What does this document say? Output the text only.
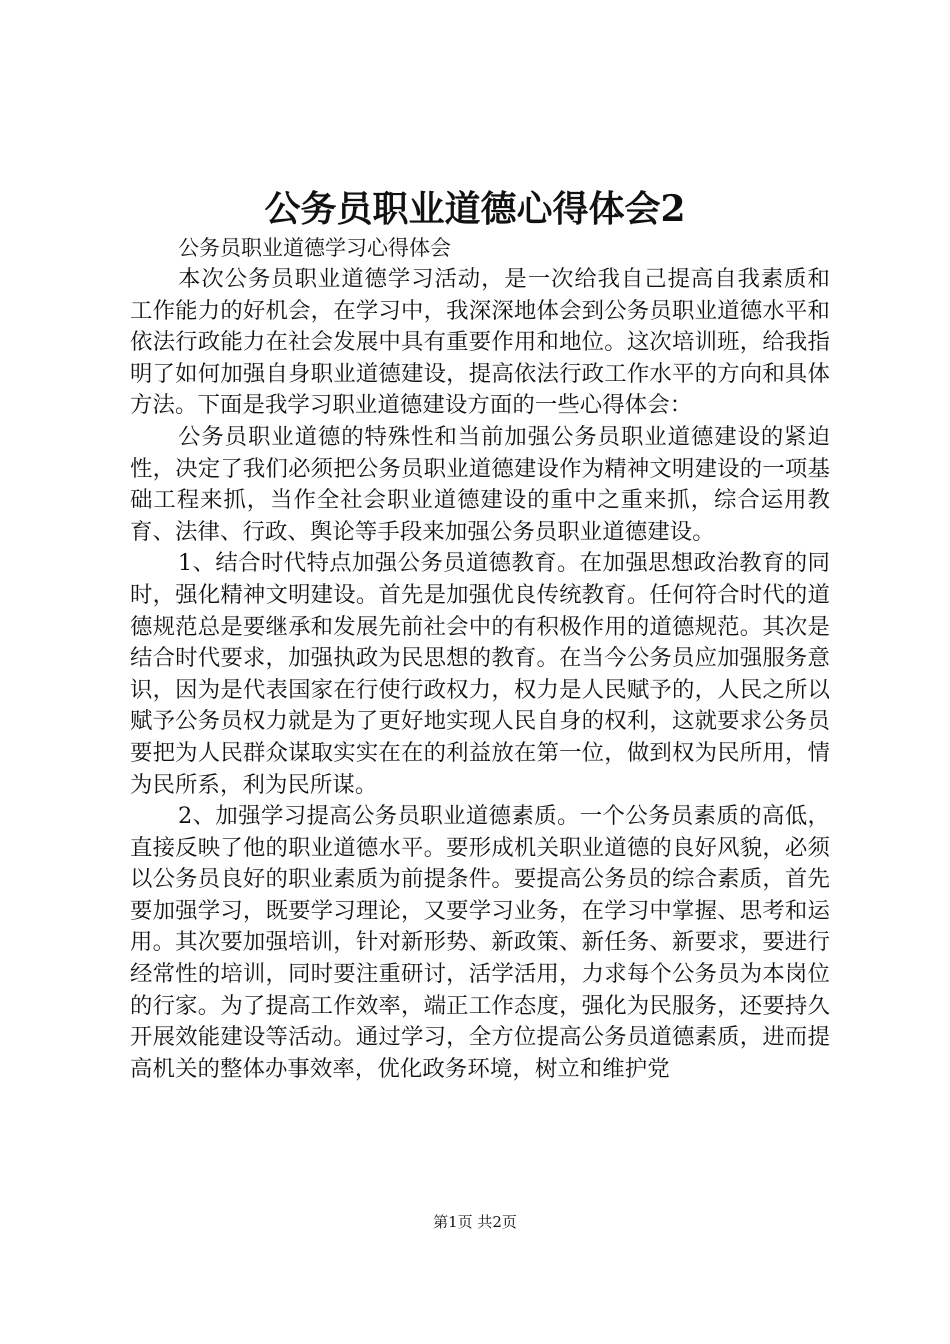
公务员职业道德心得体会2

公务员职业道德学习心得体会

本次公务员职业道德学习活动，是一次给我自己提高自我素质和工作能力的好机会，在学习中，我深深地体会到公务员职业道德水平和依法行政能力在社会发展中具有重要作用和地位。这次培训班，给我指明了如何加强自身职业道德建设，提高依法行政工作水平的方向和具体方法。下面是我学习职业道德建设方面的一些心得体会：

公务员职业道德的特殊性和当前加强公务员职业道德建设的紧迫性，决定了我们必须把公务员职业道德建设作为精神文明建设的一项基础工程来抓，当作全社会职业道德建设的重中之重来抓，综合运用教育、法律、行政、舆论等手段来加强公务员职业道德建设。

1、结合时代特点加强公务员道德教育。在加强思想政治教育的同时，强化精神文明建设。首先是加强优良传统教育。任何符合时代的道德规范总是要继承和发展先前社会中的有积极作用的道德规范。其次是结合时代要求，加强执政为民思想的教育。在当今公务员应加强服务意识，因为是代表国家在行使行政权力，权力是人民赋予的，人民之所以赋予公务员权力就是为了更好地实现人民自身的权利，这就要求公务员要把为人民群众谋取实实在在的利益放在第一位，做到权为民所用，情为民所系，利为民所谋。

2、加强学习提高公务员职业道德素质。一个公务员素质的高低，直接反映了他的职业道德水平。要形成机关职业道德的良好风貌，必须以公务员良好的职业素质为前提条件。要提高公务员的综合素质，首先要加强学习，既要学习理论，又要学习业务，在学习中掌握、思考和运用。其次要加强培训，针对新形势、新政策、新任务、新要求，要进行经常性的培训，同时要注重研讨，活学活用，力求每个公务员为本岗位的行家。为了提高工作效率，端正工作态度，强化为民服务，还要持久开展效能建设等活动。通过学习，全方位提高公务员道德素质，进而提高机关的整体办事效率，优化政务环境，树立和维护党

第1页 共2页
